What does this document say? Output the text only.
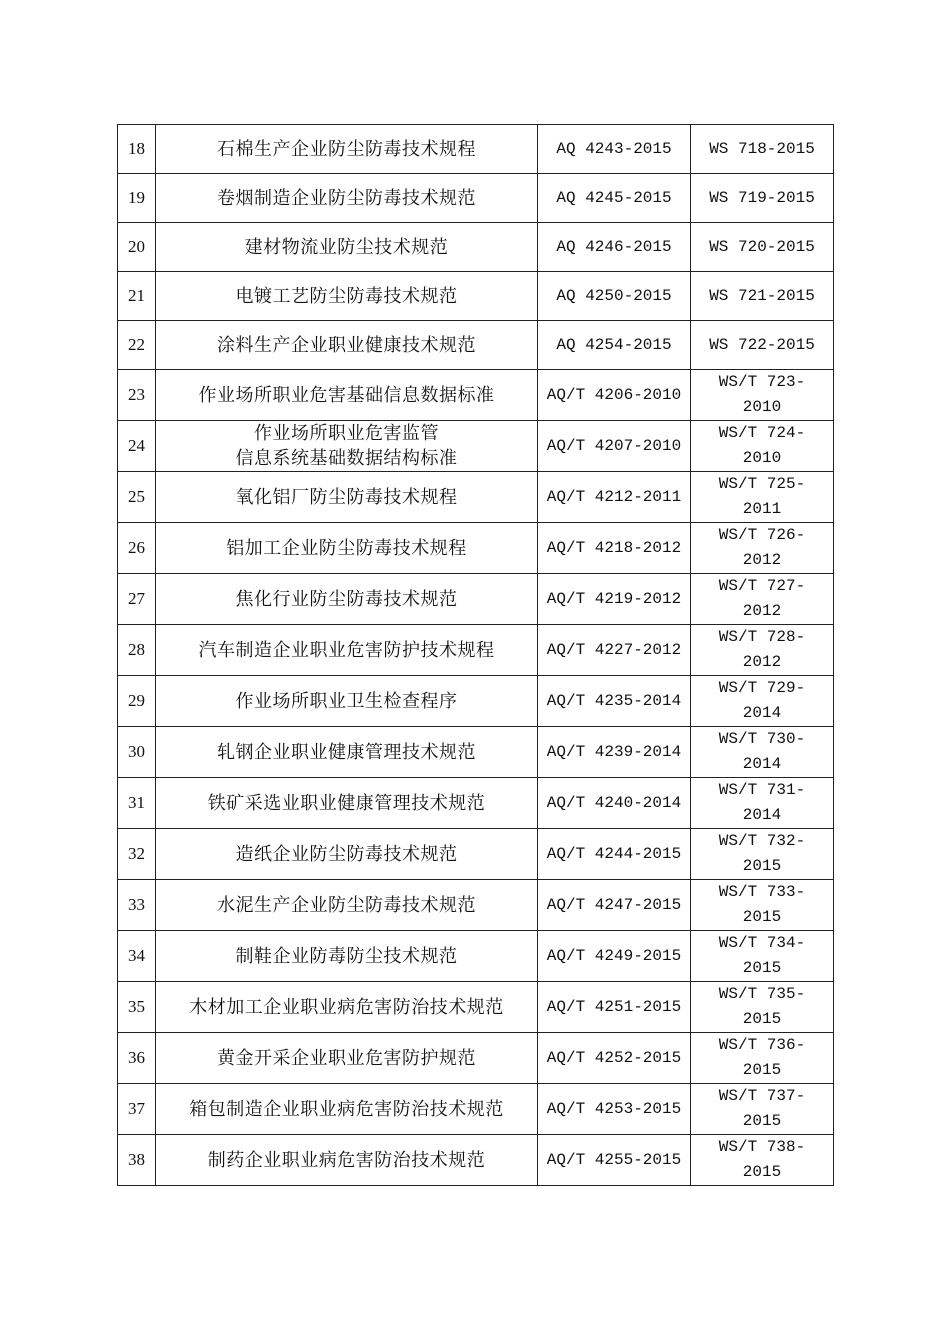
18	石棉生产企业防尘防毒技术规程	AQ 4243-2015	WS 718-2015

19	卷烟制造企业防尘防毒技术规范	AQ 4245-2015	WS 719-2015

20	建材物流业防尘技术规范	AQ 4246-2015	WS 720-2015

21	电镀工艺防尘防毒技术规范	AQ 4250-2015	WS 721-2015

22	涂料生产企业职业健康技术规范	AQ 4254-2015	WS 722-2015

23	作业场所职业危害基础信息数据标准	AQ/T 4206-2010	WS/T 723-
2010

24	作业场所职业危害监管
信息系统基础数据结构标准	AQ/T 4207-2010	WS/T 724-
2010

25	氧化铝厂防尘防毒技术规程	AQ/T 4212-2011	WS/T 725-
2011

26	铝加工企业防尘防毒技术规程	AQ/T 4218-2012	WS/T 726-
2012

27	焦化行业防尘防毒技术规范	AQ/T 4219-2012	WS/T 727-
2012

28	汽车制造企业职业危害防护技术规程	AQ/T 4227-2012	WS/T 728-
2012

29	作业场所职业卫生检查程序	AQ/T 4235-2014	WS/T 729-
2014

30	轧钢企业职业健康管理技术规范	AQ/T 4239-2014	WS/T 730-
2014

31	铁矿采选业职业健康管理技术规范	AQ/T 4240-2014	WS/T 731-
2014

32	造纸企业防尘防毒技术规范	AQ/T 4244-2015	WS/T 732-
2015

33	水泥生产企业防尘防毒技术规范	AQ/T 4247-2015	WS/T 733-
2015

34	制鞋企业防毒防尘技术规范	AQ/T 4249-2015	WS/T 734-
2015

35	木材加工企业职业病危害防治技术规范	AQ/T 4251-2015	WS/T 735-
2015

36	黄金开采企业职业危害防护规范	AQ/T 4252-2015	WS/T 736-
2015

37	箱包制造企业职业病危害防治技术规范	AQ/T 4253-2015	WS/T 737-
2015

38	制药企业职业病危害防治技术规范	AQ/T 4255-2015	WS/T 738-
2015
